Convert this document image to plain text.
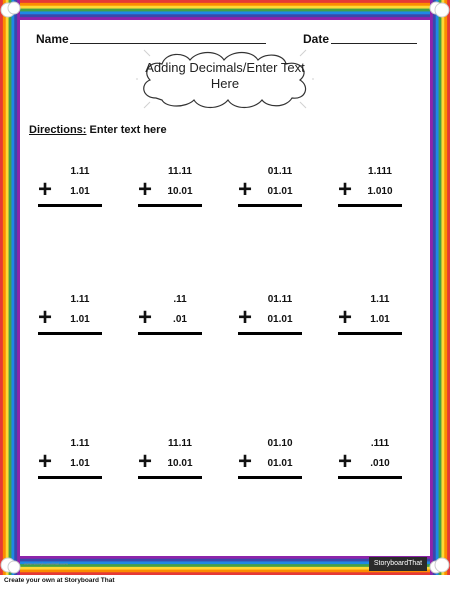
Name	Date
Adding Decimals/Enter Text Here
Directions: Enter text here
1.11
+	1.01
11.11
+	10.01
01.11
+	01.01
1.111
+	1.010
1.11
+	1.01
.11
+	.01
01.11
+	01.01
1.11
+	1.01
1.11
+	1.01
11.11
+	10.01
01.10
+	01.01
.111
+	.010
www.storyboardthat.com	StoryboardThat
Create your own at Storyboard That
